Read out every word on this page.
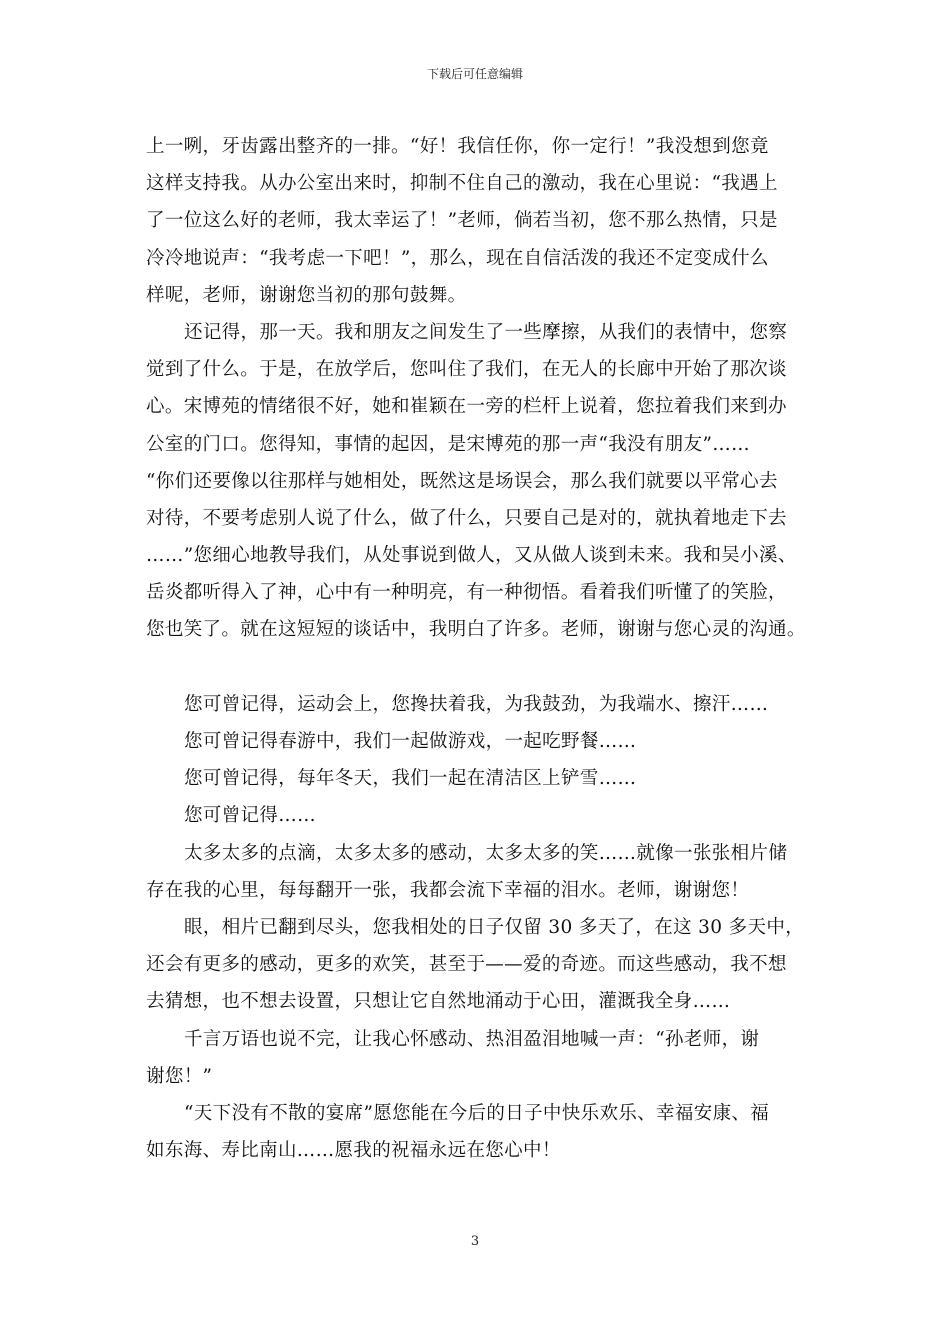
下载后可任意编辑
上一咧，牙齿露出整齐的一排。“好！我信任你，你一定行！”我没想到您竟
这样支持我。从办公室出来时，抑制不住自己的激动，我在心里说：“我遇上
了一位这么好的老师，我太幸运了！”老师，倘若当初，您不那么热情，只是
冷冷地说声：“我考虑一下吧！”，那么，现在自信活泼的我还不定变成什么
样呢，老师，谢谢您当初的那句鼓舞。
还记得，那一天。我和朋友之间发生了一些摩擦，从我们的表情中，您察
觉到了什么。于是，在放学后，您叫住了我们，在无人的长廊中开始了那次谈
心。宋博苑的情绪很不好，她和崔颖在一旁的栏杆上说着，您拉着我们来到办
公室的门口。您得知，事情的起因，是宋博苑的那一声“我没有朋友”……
“你们还要像以往那样与她相处，既然这是场误会，那么我们就要以平常心去
对待，不要考虑别人说了什么，做了什么，只要自己是对的，就执着地走下去
……”您细心地教导我们，从处事说到做人，又从做人谈到未来。我和吴小溪、
岳炎都听得入了神，心中有一种明亮，有一种彻悟。看着我们听懂了的笑脸，
您也笑了。就在这短短的谈话中，我明白了许多。老师，谢谢与您心灵的沟通。
您可曾记得，运动会上，您搀扶着我，为我鼓劲，为我端水、擦汗……
您可曾记得春游中，我们一起做游戏，一起吃野餐……
您可曾记得，每年冬天，我们一起在清洁区上铲雪……
您可曾记得……
太多太多的点滴，太多太多的感动，太多太多的笑……就像一张张相片储
存在我的心里，每每翻开一张，我都会流下幸福的泪水。老师，谢谢您！
眼，相片已翻到尽头，您我相处的日子仅留 30 多天了，在这 30 多天中，
还会有更多的感动，更多的欢笑，甚至于——爱的奇迹。而这些感动，我不想
去猜想，也不想去设置，只想让它自然地涌动于心田，灌溉我全身……
千言万语也说不完，让我心怀感动、热泪盈泪地喊一声：“孙老师，谢
谢您！”
“天下没有不散的宴席”愿您能在今后的日子中快乐欢乐、幸福安康、福
如东海、寿比南山……愿我的祝福永远在您心中！
3
